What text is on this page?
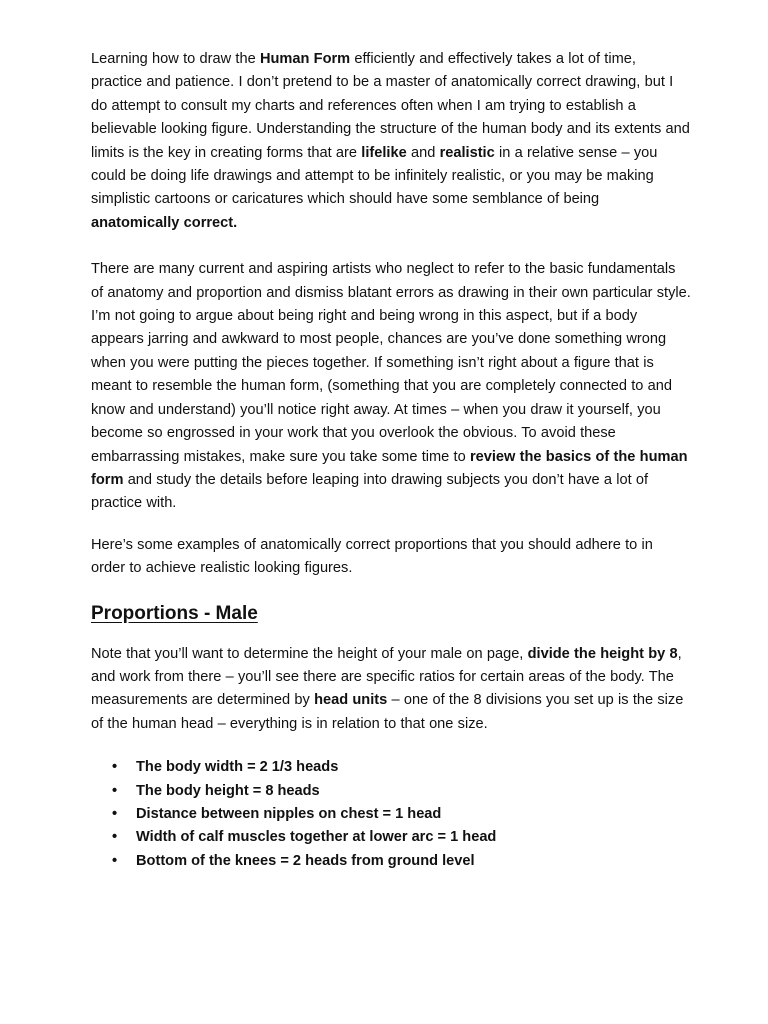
Learning how to draw the Human Form efficiently and effectively takes a lot of time, practice and patience. I don’t pretend to be a master of anatomically correct drawing, but I do attempt to consult my charts and references often when I am trying to establish a believable looking figure. Understanding the structure of the human body and its extents and limits is the key in creating forms that are lifelike and realistic in a relative sense – you could be doing life drawings and attempt to be infinitely realistic, or you may be making simplistic cartoons or caricatures which should have some semblance of being anatomically correct.

There are many current and aspiring artists who neglect to refer to the basic fundamentals of anatomy and proportion and dismiss blatant errors as drawing in their own particular style. I’m not going to argue about being right and being wrong in this aspect, but if a body appears jarring and awkward to most people, chances are you’ve done something wrong when you were putting the pieces together. If something isn’t right about a figure that is meant to resemble the human form, (something that you are completely connected to and know and understand) you’ll notice right away. At times – when you draw it yourself, you become so engrossed in your work that you overlook the obvious. To avoid these embarrassing mistakes, make sure you take some time to review the basics of the human form and study the details before leaping into drawing subjects you don’t have a lot of practice with.

Here’s some examples of anatomically correct proportions that you should adhere to in order to achieve realistic looking figures.

Proportions - Male

Note that you’ll want to determine the height of your male on page, divide the height by 8, and work from there – you’ll see there are specific ratios for certain areas of the body. The measurements are determined by head units – one of the 8 divisions you set up is the size of the human head – everything is in relation to that one size.

• The body width = 2 1/3 heads
• The body height = 8 heads
• Distance between nipples on chest = 1 head
• Width of calf muscles together at lower arc = 1 head
• Bottom of the knees = 2 heads from ground level
